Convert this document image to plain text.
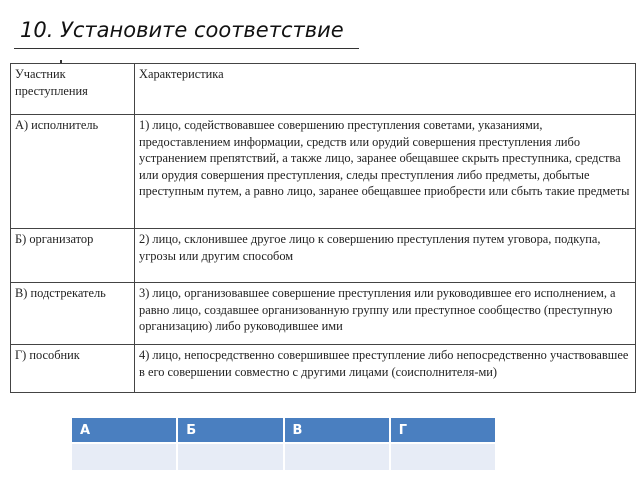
10. Установите соответствие
Участник преступления	Характеристика
А) исполнитель	1) лицо, содействовавшее совершению преступления советами, указаниями, предоставлением информации, средств или орудий совершения преступления либо устранением препятствий, а также лицо, заранее обещавшее скрыть преступника, средства или орудия совершения преступления, следы преступления либо предметы, добытые преступным путем, а равно лицо, заранее обещавшее приобрести или сбыть такие предметы
Б) организатор	2) лицо, склонившее другое лицо к совершению преступления путем уговора, подкупа, угрозы или другим способом
В) подстрекатель	3) лицо, организовавшее совершение преступления или руководившее его исполнением, а равно лицо, создавшее организованную группу или преступное сообщество (преступную организацию) либо руководившее ими
Г) пособник	4) лицо, непосредственно совершившее преступление либо непосредственно участвовавшее в его совершении совместно с другими лицами (соисполнителя-ми)
А	Б	В	Г
